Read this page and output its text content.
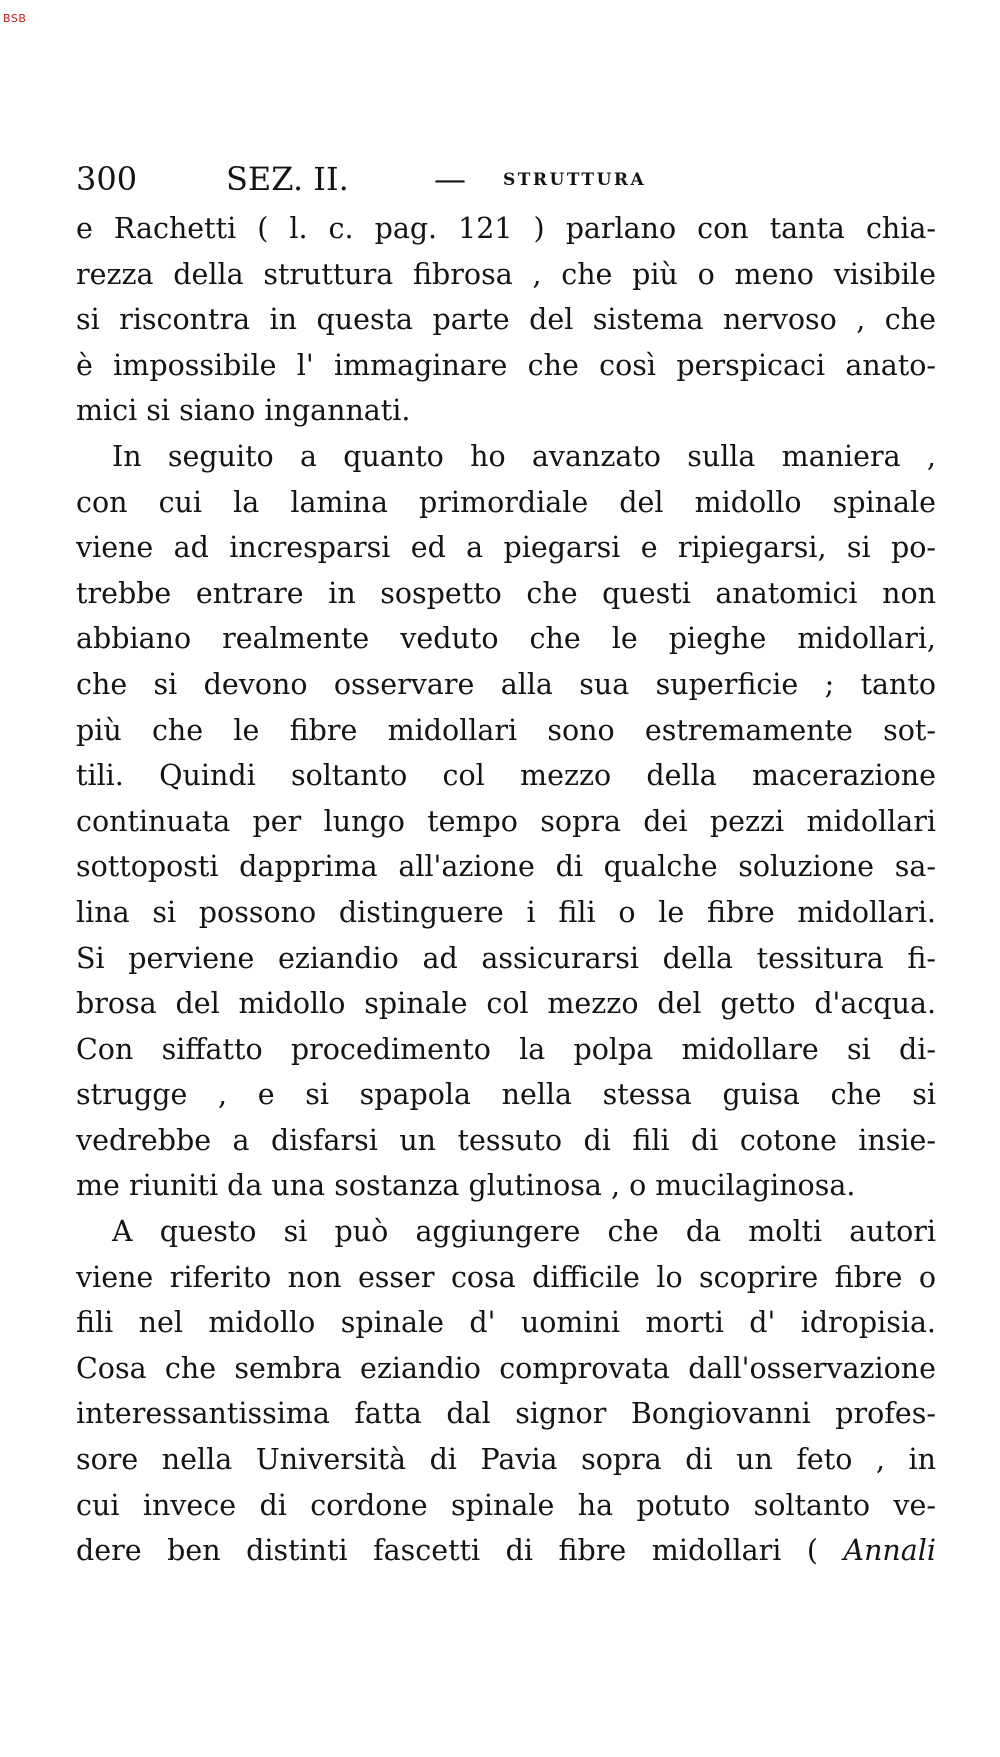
BSB
300	SEZ. II.	— STRUTTURA
e Rachetti ( l. c. pag. 121 ) parlano con tanta chia-
rezza della struttura fibrosa , che più o meno visibile
si riscontra in questa parte del sistema nervoso , che
è impossibile l' immaginare che così perspicaci anato-
mici si siano ingannati.
In seguito a quanto ho avanzato sulla maniera ,
con cui la lamina primordiale del midollo spinale
viene ad incresparsi ed a piegarsi e ripiegarsi, si po-
trebbe entrare in sospetto che questi anatomici non
abbiano realmente veduto che le pieghe midollari,
che si devono osservare alla sua superficie ; tanto
più che le fibre midollari sono estremamente sot-
tili. Quindi soltanto col mezzo della macerazione
continuata per lungo tempo sopra dei pezzi midollari
sottoposti dapprima all'azione di qualche soluzione sa-
lina si possono distinguere i fili o le fibre midollari.
Si perviene eziandio ad assicurarsi della tessitura fi-
brosa del midollo spinale col mezzo del getto d'acqua.
Con siffatto procedimento la polpa midollare si di-
strugge , e si spapola nella stessa guisa che si
vedrebbe a disfarsi un tessuto di fili di cotone insie-
me riuniti da una sostanza glutinosa , o mucilaginosa.
A questo si può aggiungere che da molti autori
viene riferito non esser cosa difficile lo scoprire fibre o
fili nel midollo spinale d' uomini morti d' idropisia.
Cosa che sembra eziandio comprovata dall'osservazione
interessantissima fatta dal signor Bongiovanni profes-
sore nella Università di Pavia sopra di un feto , in
cui invece di cordone spinale ha potuto soltanto ve-
dere ben distinti fascetti di fibre midollari ( Annali
